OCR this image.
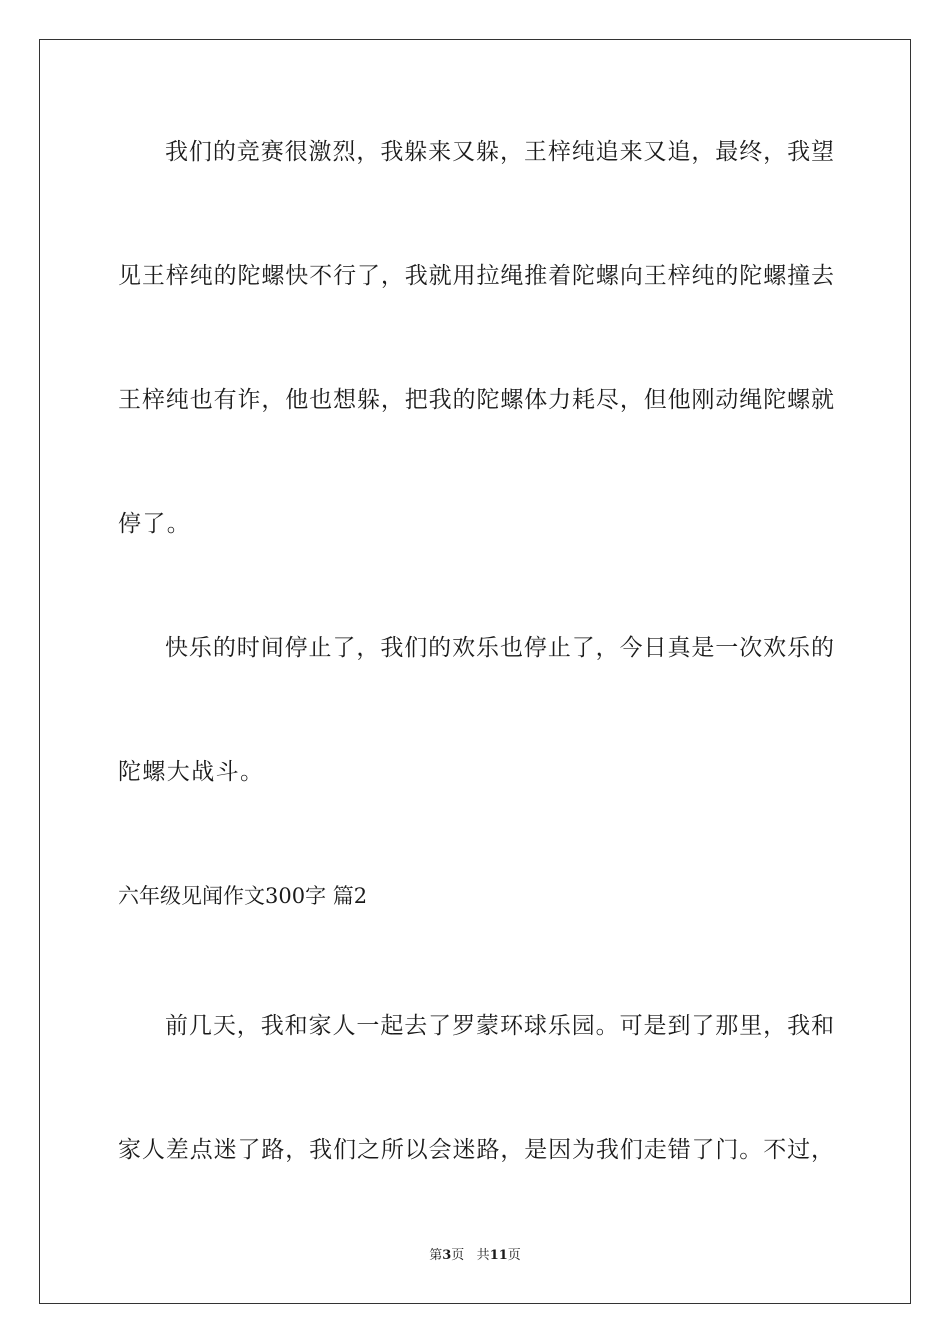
我们的竞赛很激烈，我躲来又躲，王梓纯追来又追，最终，我望
见王梓纯的陀螺快不行了，我就用拉绳推着陀螺向王梓纯的陀螺撞去
王梓纯也有诈，他也想躲，把我的陀螺体力耗尽，但他刚动绳陀螺就
停了。
快乐的时间停止了，我们的欢乐也停止了，今日真是一次欢乐的
陀螺大战斗。
六年级见闻作文300字 篇2
前几天，我和家人一起去了罗蒙环球乐园。可是到了那里，我和
家人差点迷了路，我们之所以会迷路，是因为我们走错了门。不过，
第3页 共11页
